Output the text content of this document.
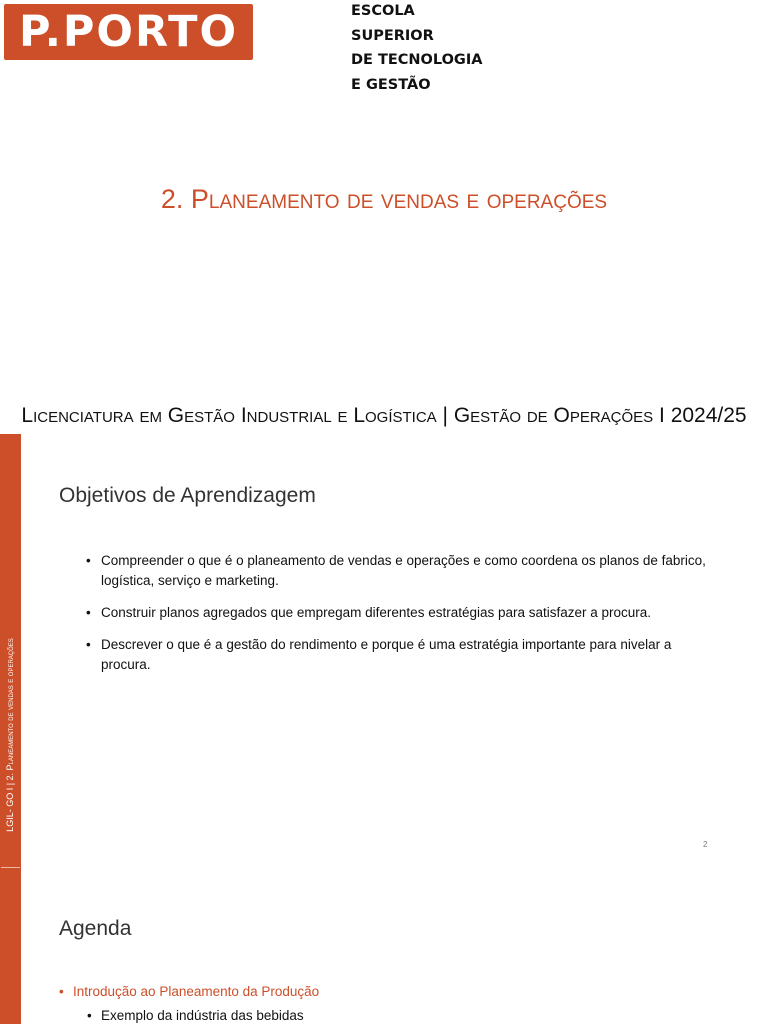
P.PORTO	ESCOLA
SUPERIOR
DE TECNOLOGIA
E GESTÃO
2. Planeamento de vendas e operações
Licenciatura em Gestão Industrial e Logística | Gestão de Operações I 2024/25
LGIL- GO I | 2. Planeamento de vendas e operações
Objetivos de Aprendizagem
• Compreender o que é o planeamento de vendas e operações e como coordena os planos de fabrico, logística, serviço e marketing.
• Construir planos agregados que empregam diferentes estratégias para satisfazer a procura.
• Descrever o que é a gestão do rendimento e porque é uma estratégia importante para nivelar a procura.
2
Agenda
• Introdução ao Planeamento da Produção
• Exemplo da indústria das bebidas
